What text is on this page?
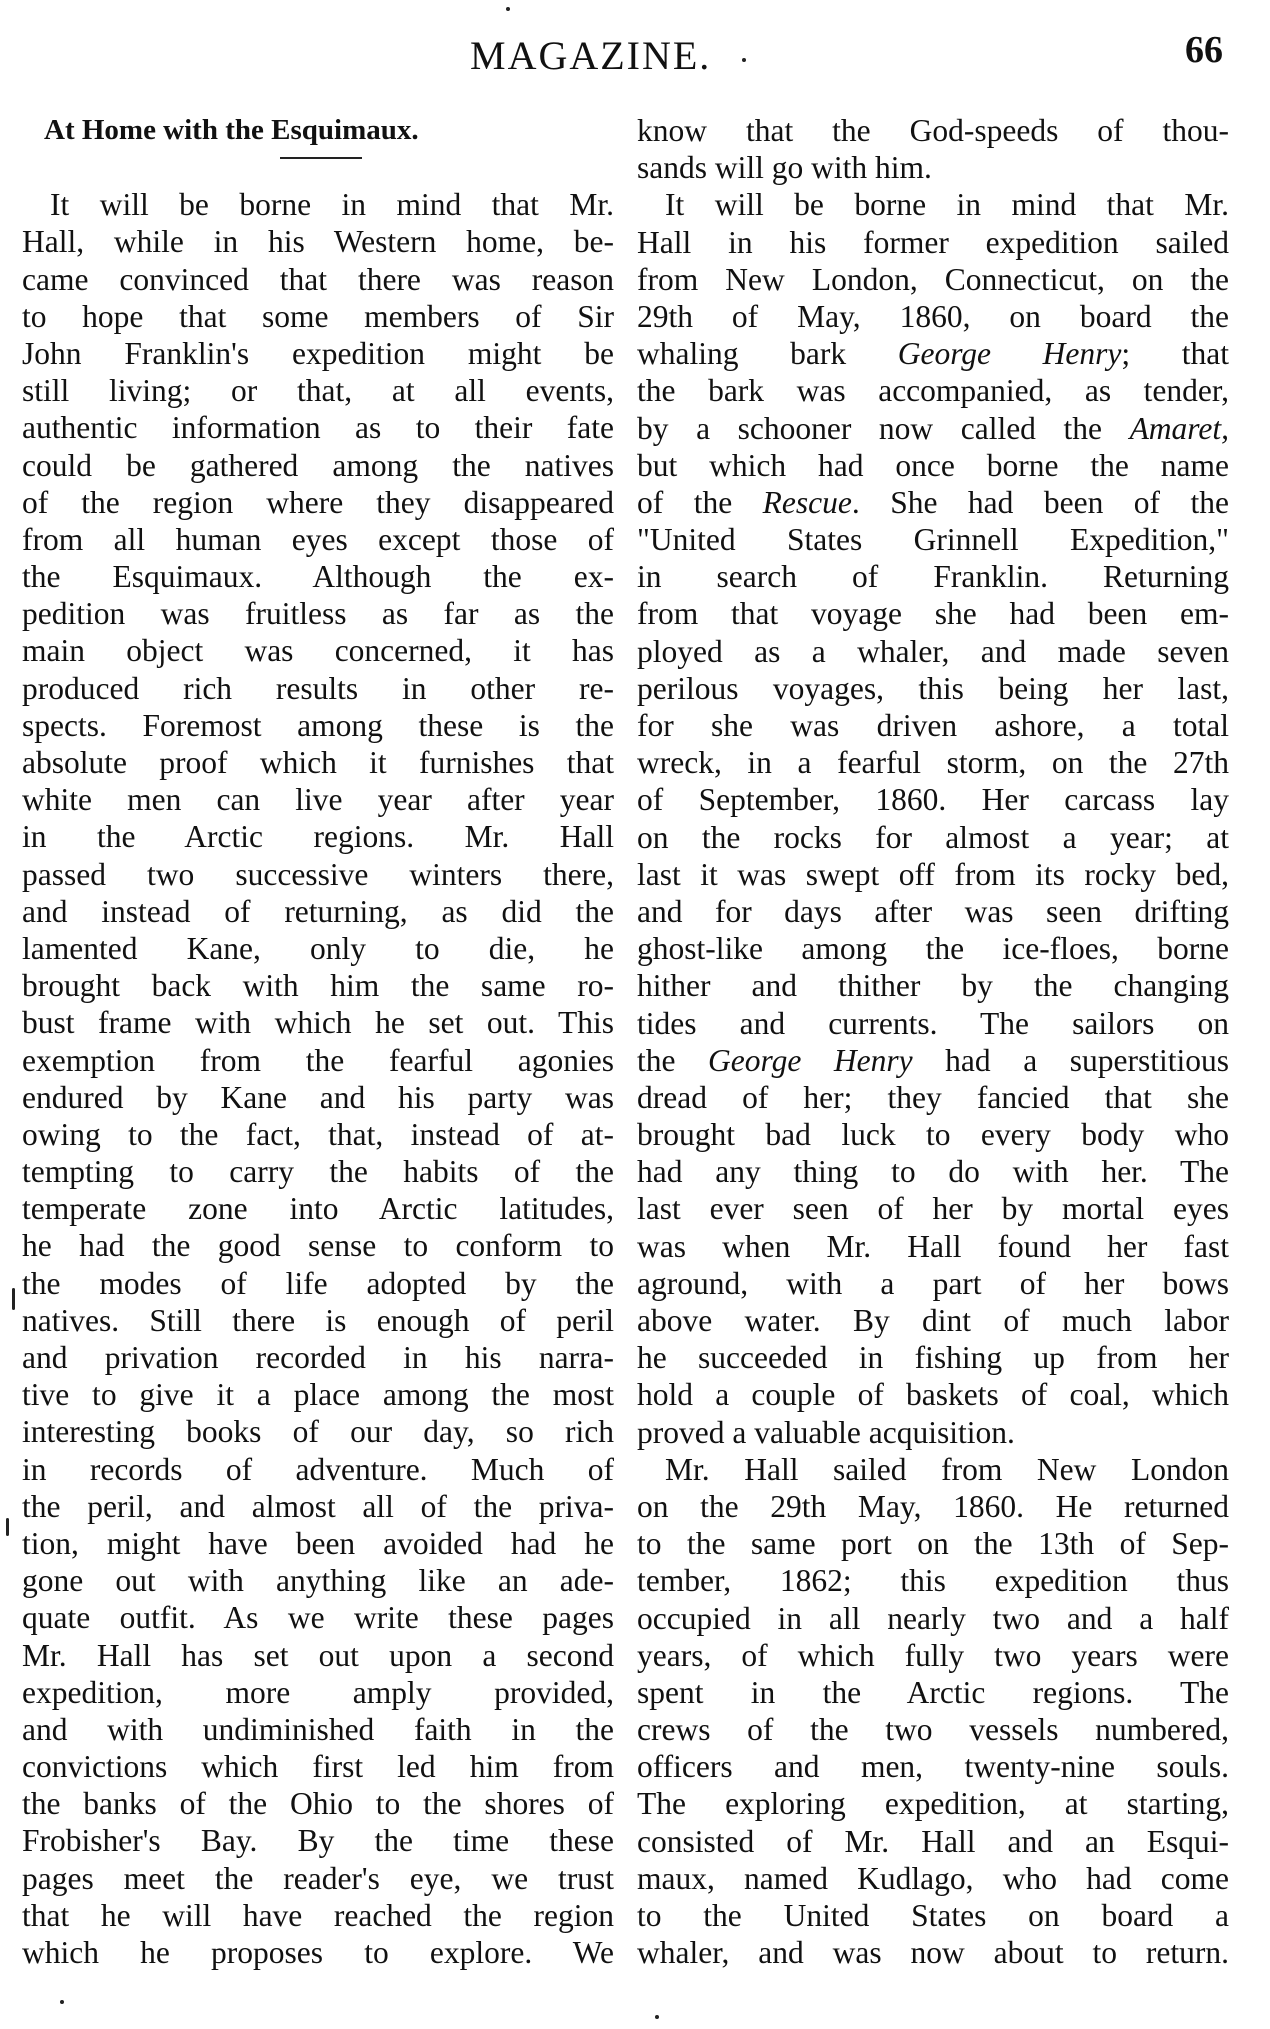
MAGAZINE.	66
At Home with the Esquimaux.
It will be borne in mind that Mr.
Hall, while in his Western home, be-
came convinced that there was reason
to hope that some members of Sir
John Franklin's expedition might be
still living; or that, at all events,
authentic information as to their fate
could be gathered among the natives
of the region where they disappeared
from all human eyes except those of
the Esquimaux. Although the ex-
pedition was fruitless as far as the
main object was concerned, it has
produced rich results in other re-
spects. Foremost among these is the
absolute proof which it furnishes that
white men can live year after year
in the Arctic regions. Mr. Hall
passed two successive winters there,
and instead of returning, as did the
lamented Kane, only to die, he
brought back with him the same ro-
bust frame with which he set out. This
exemption from the fearful agonies
endured by Kane and his party was
owing to the fact, that, instead of at-
tempting to carry the habits of the
temperate zone into Arctic latitudes,
he had the good sense to conform to
the modes of life adopted by the
natives. Still there is enough of peril
and privation recorded in his narra-
tive to give it a place among the most
interesting books of our day, so rich
in records of adventure. Much of
the peril, and almost all of the priva-
tion, might have been avoided had he
gone out with anything like an ade-
quate outfit. As we write these pages
Mr. Hall has set out upon a second
expedition, more amply provided,
and with undiminished faith in the
convictions which first led him from
the banks of the Ohio to the shores of
Frobisher's Bay. By the time these
pages meet the reader's eye, we trust
that he will have reached the region
which he proposes to explore. We
know that the God-speeds of thou-
sands will go with him.
It will be borne in mind that Mr.
Hall in his former expedition sailed
from New London, Connecticut, on the
29th of May, 1860, on board the
whaling bark George Henry; that
the bark was accompanied, as tender,
by a schooner now called the Amaret,
but which had once borne the name
of the Rescue. She had been of the
"United States Grinnell Expedition,"
in search of Franklin. Returning
from that voyage she had been em-
ployed as a whaler, and made seven
perilous voyages, this being her last,
for she was driven ashore, a total
wreck, in a fearful storm, on the 27th
of September, 1860. Her carcass lay
on the rocks for almost a year; at
last it was swept off from its rocky bed,
and for days after was seen drifting
ghost-like among the ice-floes, borne
hither and thither by the changing
tides and currents. The sailors on
the George Henry had a superstitious
dread of her; they fancied that she
brought bad luck to every body who
had any thing to do with her. The
last ever seen of her by mortal eyes
was when Mr. Hall found her fast
aground, with a part of her bows
above water. By dint of much labor
he succeeded in fishing up from her
hold a couple of baskets of coal, which
proved a valuable acquisition.
Mr. Hall sailed from New London
on the 29th May, 1860. He returned
to the same port on the 13th of Sep-
tember, 1862; this expedition thus
occupied in all nearly two and a half
years, of which fully two years were
spent in the Arctic regions. The
crews of the two vessels numbered,
officers and men, twenty-nine souls.
The exploring expedition, at starting,
consisted of Mr. Hall and an Esqui-
maux, named Kudlago, who had come
to the United States on board a
whaler, and was now about to return.
